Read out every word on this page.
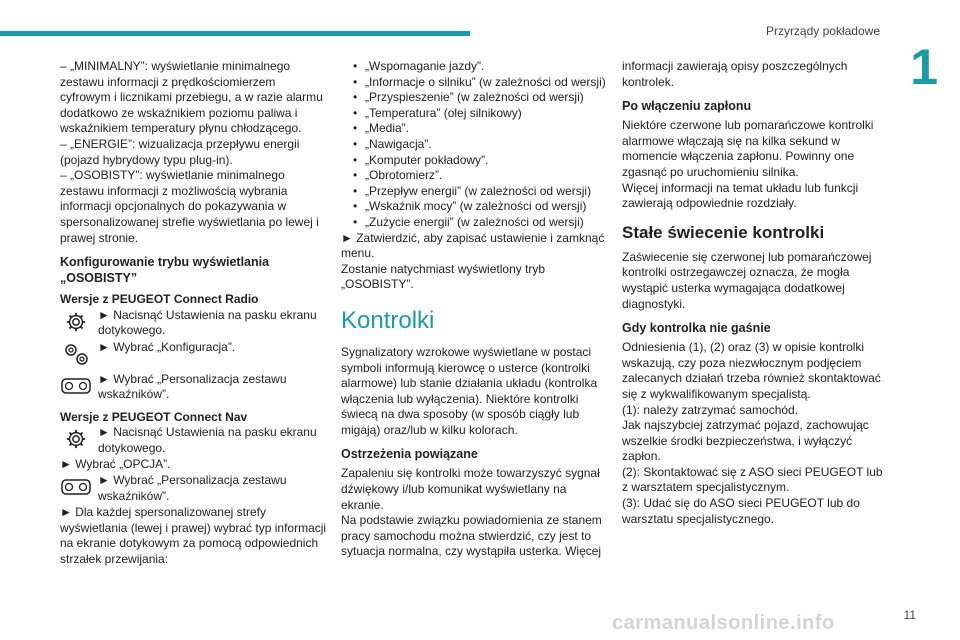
Przyrządy pokładowe
1

– „MINIMALNY”: wyświetlanie minimalnego zestawu informacji z prędkościomierzem cyfrowym i licznikami przebiegu, a w razie alarmu dodatkowo ze wskaźnikiem poziomu paliwa i wskaźnikiem temperatury płynu chłodzącego.

– „ENERGIE”: wizualizacja przepływu energii (pojazd hybrydowy typu plug-in).

– „OSOBISTY”: wyświetlanie minimalnego zestawu informacji z możliwością wybrania informacji opcjonalnych do pokazywania w spersonalizowanej strefie wyświetlania po lewej i prawej stronie.

Konfigurowanie trybu wyświetlania „OSOBISTY”

Wersje z PEUGEOT Connect Radio

► Nacisnąć Ustawienia na pasku ekranu dotykowego.

► Wybrać „Konfiguracja”.

► Wybrać „Personalizacja zestawu wskaźników”.

Wersje z PEUGEOT Connect Nav

► Nacisnąć Ustawienia na pasku ekranu dotykowego.

► Wybrać „OPCJA”.

► Wybrać „Personalizacja zestawu wskaźników”.

► Dla każdej spersonalizowanej strefy wyświetlania (lewej i prawej) wybrać typ informacji na ekranie dotykowym za pomocą odpowiednich strzałek przewijania:

• „Wspomaganie jazdy”.
• „Informacje o silniku” (w zależności od wersji)
• „Przyspieszenie” (w zależności od wersji)
• „Temperatura” (olej silnikowy)
• „Media”.
• „Nawigacja”.
• „Komputer pokładowy”.
• „Obrotomierz”.
• „Przepływ energii” (w zależności od wersji)
• „Wskaźnik mocy” (w zależności od wersji)
• „Zużycie energii” (w zależności od wersji)

► Zatwierdzić, aby zapisać ustawienie i zamknąć menu.

Zostanie natychmiast wyświetlony tryb „OSOBISTY”.

Kontrolki

Sygnalizatory wzrokowe wyświetlane w postaci symboli informują kierowcę o usterce (kontrolki alarmowe) lub stanie działania układu (kontrolka włączenia lub wyłączenia). Niektóre kontrolki świecą na dwa sposoby (w sposób ciągły lub migają) oraz/lub w kilku kolorach.

Ostrzeżenia powiązane

Zapaleniu się kontrolki może towarzyszyć sygnał dźwiękowy i/lub komunikat wyświetlany na ekranie.

Na podstawie związku powiadomienia ze stanem pracy samochodu można stwierdzić, czy jest to sytuacja normalna, czy wystąpiła usterka. Więcej

informacji zawierają opisy poszczególnych kontrolek.

Po włączeniu zapłonu

Niektóre czerwone lub pomarańczowe kontrolki alarmowe włączają się na kilka sekund w momencie włączenia zapłonu. Powinny one zgasnąć po uruchomieniu silnika.

Więcej informacji na temat układu lub funkcji zawierają odpowiednie rozdziały.

Stałe świecenie kontrolki

Zaświecenie się czerwonej lub pomarańczowej kontrolki ostrzegawczej oznacza, że mogła wystąpić usterka wymagająca dodatkowej diagnostyki.

Gdy kontrolka nie gaśnie

Odniesienia (1), (2) oraz (3) w opisie kontrolki wskazują, czy poza niezwłocznym podjęciem zalecanych działań trzeba również skontaktować się z wykwalifikowanym specjalistą.

(1): należy zatrzymać samochód.

Jak najszybciej zatrzymać pojazd, zachowując wszelkie środki bezpieczeństwa, i wyłączyć zapłon.

(2): Skontaktować się z ASO sieci PEUGEOT lub z warsztatem specjalistycznym.

(3): Udać się do ASO sieci PEUGEOT lub do warsztatu specjalistycznego.

carmanualsonline.info	11
